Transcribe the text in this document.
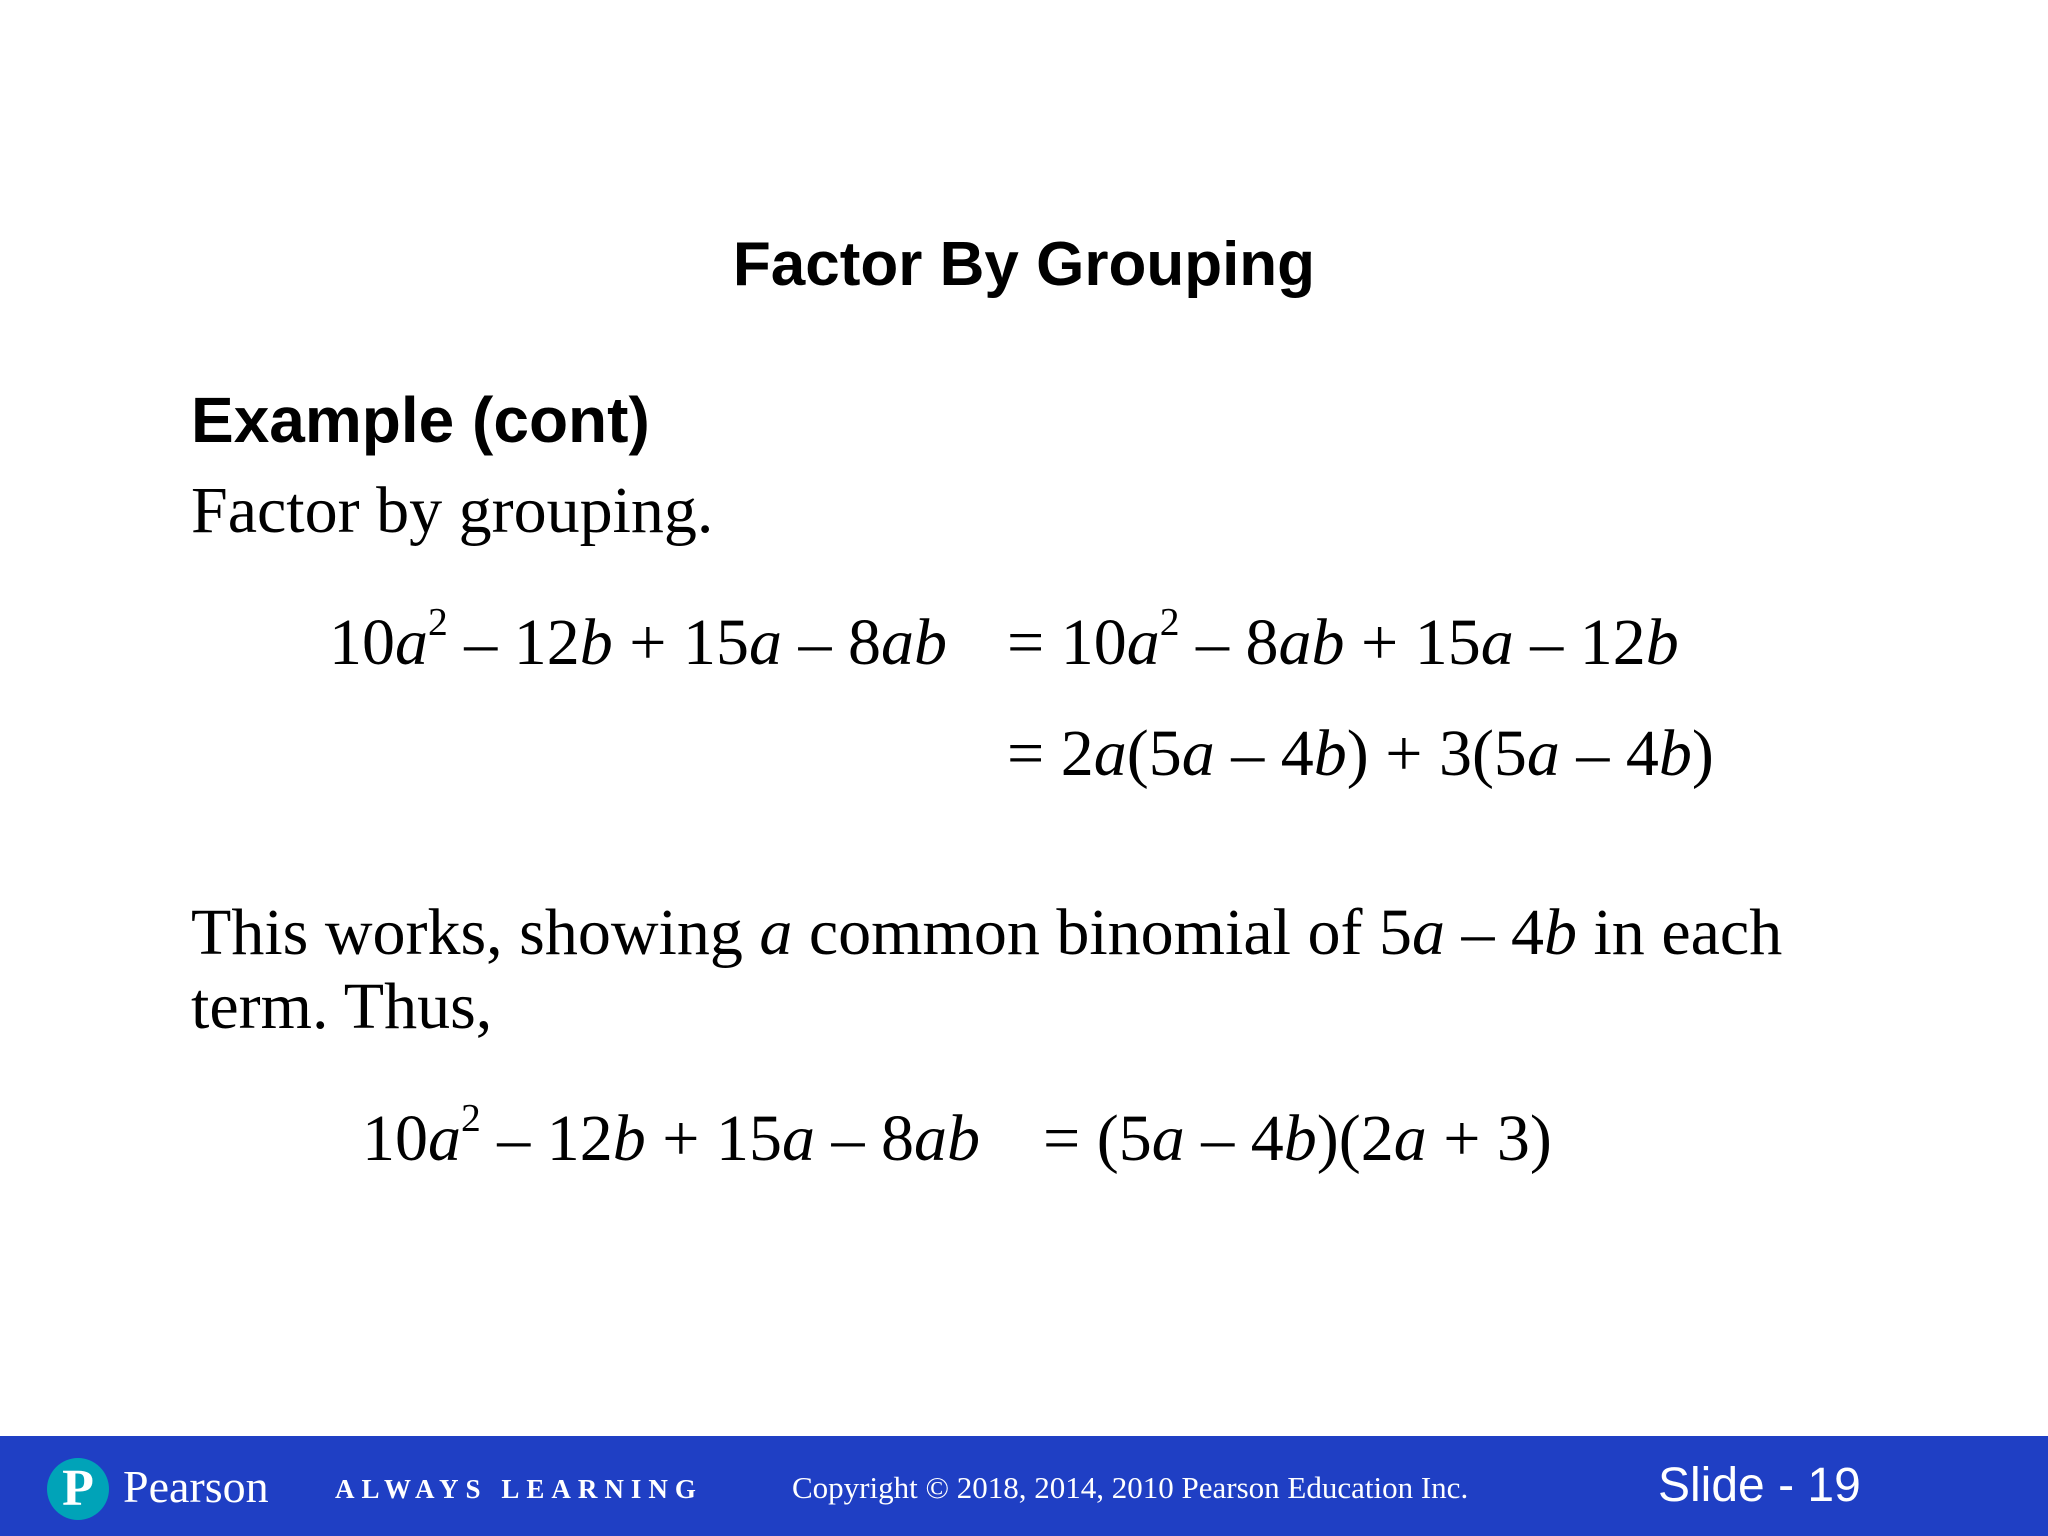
Factor By Grouping
Example (cont)
Factor by grouping.
$10a^2 - 12b + 15a - 8ab = 10a^2 - 8ab + 15a - 12b$
= 2a(5a – 4b) + 3(5a – 4b)
This works, showing a common binomial of 5a – 4b in each
term. Thus,
$10a^2 - 12b + 15a - 8ab = (5a - 4b)(2a + 3)$
P Pearson ALWAYS LEARNING	Copyright © 2018, 2014, 2010 Pearson Education Inc.	Slide - 19
